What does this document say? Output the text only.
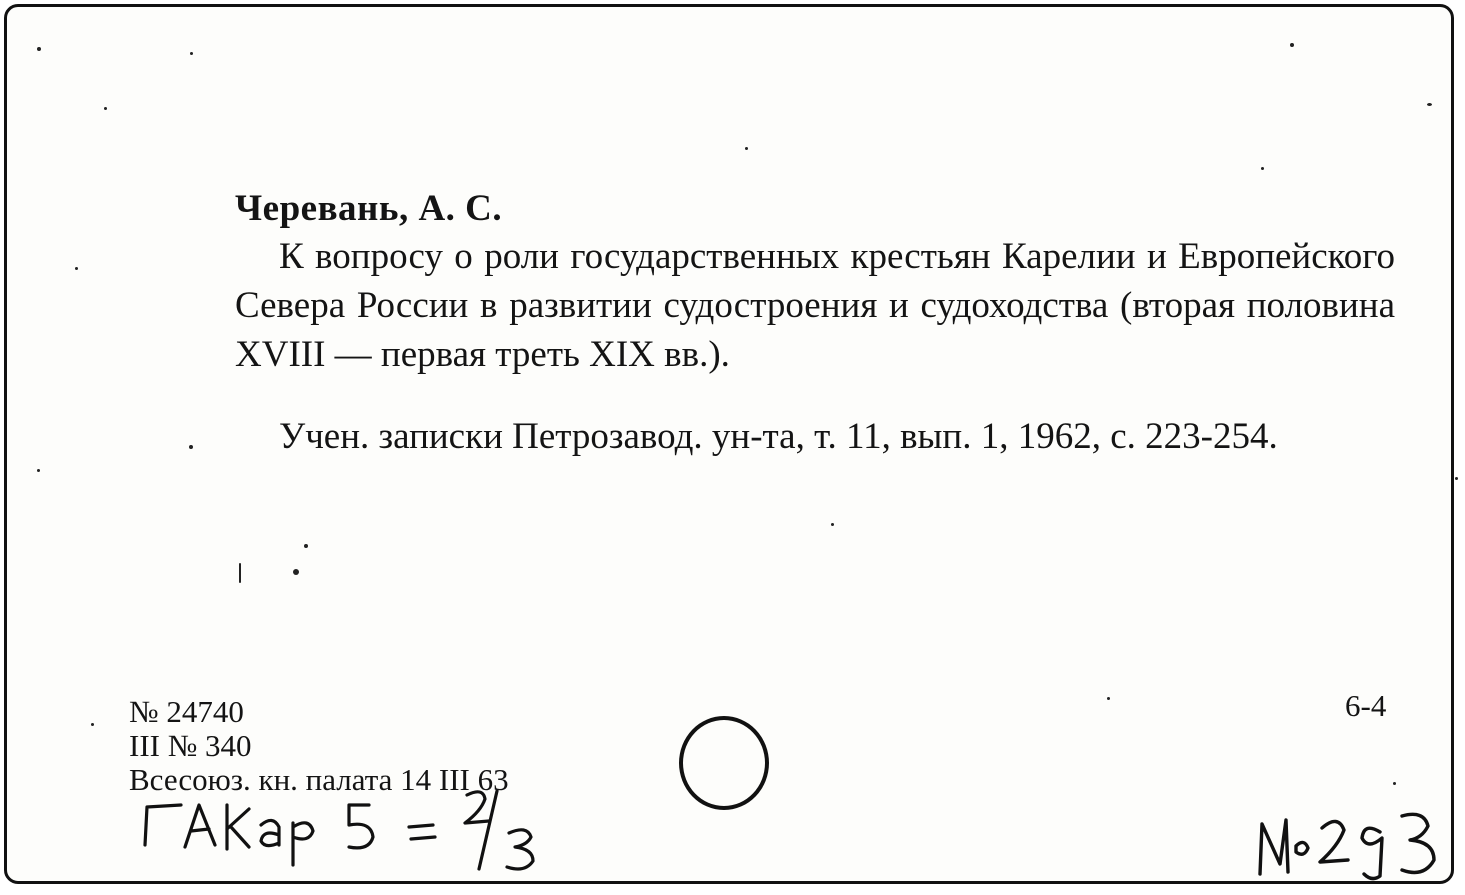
Черевань, А. С.

К вопросу о роли государственных крестьян Карелии и Европейского Севера России в развитии судостроения и судоходства (вторая половина XVIII — первая треть XIX вв.).

Учен. записки Петрозавод. ун-та, т. 11, вып. 1, 1962, с. 223-254.

№ 24740
III № 340
Всесоюз. кн. палата 14 III 63
6-4
